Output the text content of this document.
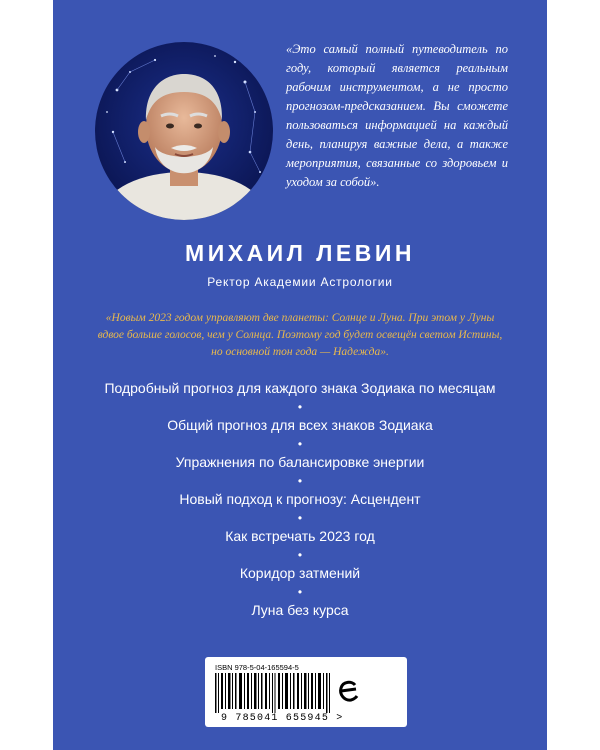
«Это самый полный путеводитель по году, который является реальным рабочим инструментом, а не просто прогнозом-предсказанием. Вы сможете пользоваться информацией на каждый день, планируя важные дела, а также мероприятия, связанные со здоровьем и уходом за собой».
МИХАИЛ ЛЕВИН
Ректор Академии Астрологии
«Новым 2023 годом управляют две планеты: Солнце и Луна. При этом у Луны вдвое больше голосов, чем у Солнца. Поэтому год будет освещён светом Истины, но основной тон года — Надежда».
Подробный прогноз для каждого знака Зодиака по месяцам
•
Общий прогноз для всех знаков Зодиака
•
Упражнения по балансировке энергии
•
Новый подход к прогнозу: Асцендент
•
Как встречать 2023 год
•
Коридор затмений
•
Луна без курса
ISBN 978-5-04-165594-5
9 785041 655945 >
